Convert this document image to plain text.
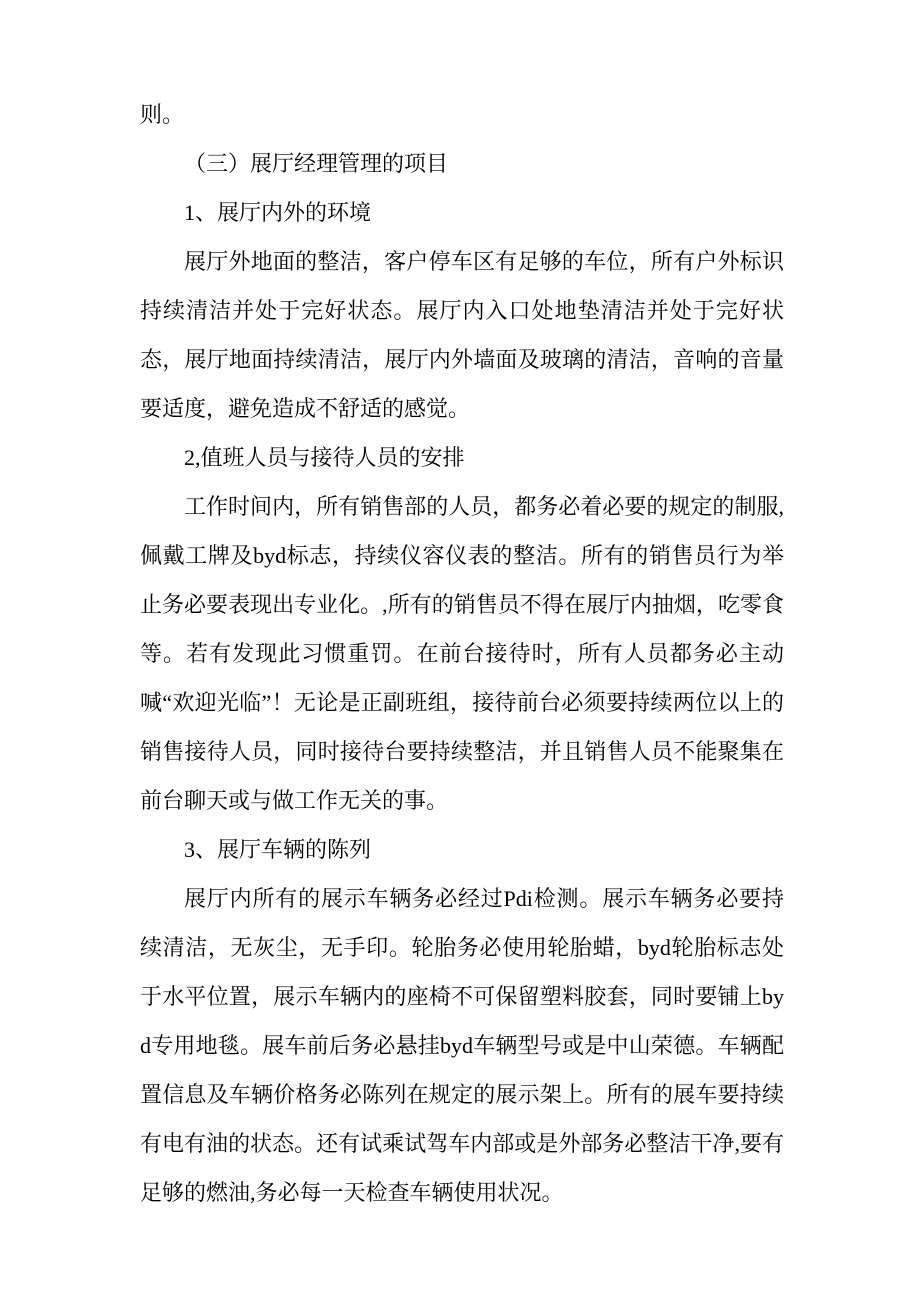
则。

（三）展厅经理管理的项目

1、展厅内外的环境

展厅外地面的整洁，客户停车区有足够的车位，所有户外标识持续清洁并处于完好状态。展厅内入口处地垫清洁并处于完好状态，展厅地面持续清洁，展厅内外墙面及玻璃的清洁，音响的音量要适度，避免造成不舒适的感觉。

2,值班人员与接待人员的安排

工作时间内，所有销售部的人员，都务必着必要的规定的制服,佩戴工牌及byd标志，持续仪容仪表的整洁。所有的销售员行为举止务必要表现出专业化。,所有的销售员不得在展厅内抽烟，吃零食等。若有发现此习惯重罚。在前台接待时，所有人员都务必主动喊“欢迎光临”！无论是正副班组，接待前台必须要持续两位以上的销售接待人员，同时接待台要持续整洁，并且销售人员不能聚集在前台聊天或与做工作无关的事。

3、展厅车辆的陈列

展厅内所有的展示车辆务必经过Pdi检测。展示车辆务必要持续清洁，无灰尘，无手印。轮胎务必使用轮胎蜡，byd轮胎标志处于水平位置，展示车辆内的座椅不可保留塑料胶套，同时要铺上byd专用地毯。展车前后务必悬挂byd车辆型号或是中山荣德。车辆配置信息及车辆价格务必陈列在规定的展示架上。所有的展车要持续有电有油的状态。还有试乘试驾车内部或是外部务必整洁干净,要有足够的燃油,务必每一天检查车辆使用状况。
